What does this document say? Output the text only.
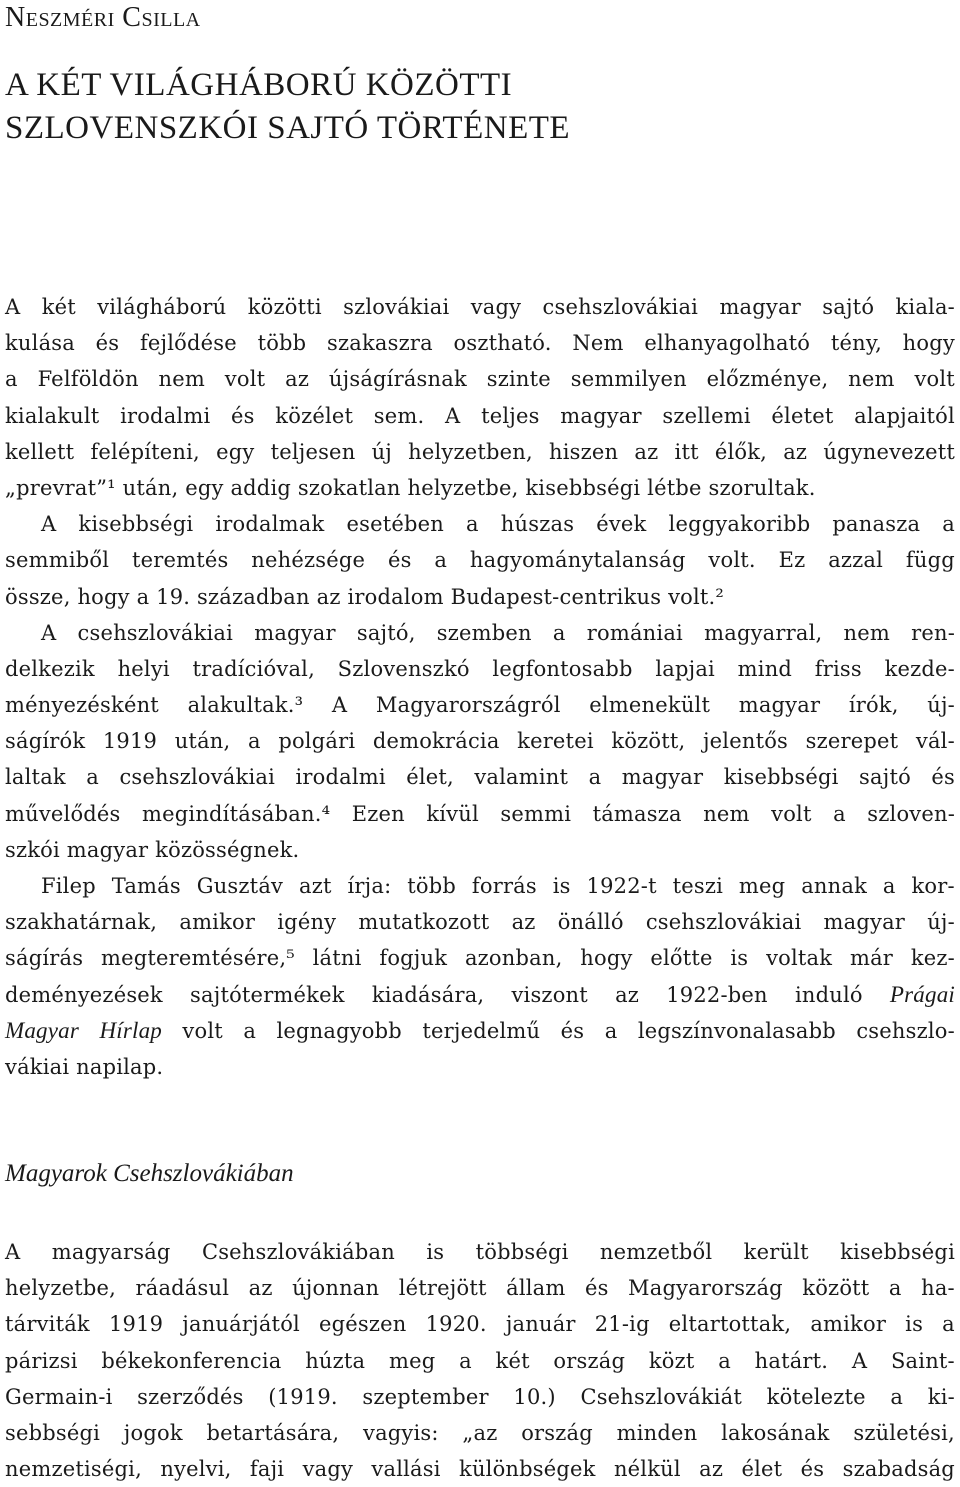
Neszméri Csilla
A KÉT VILÁGHÁBORÚ KÖZÖTTI
SZLOVENSZKÓI SAJTÓ TÖRTÉNETE
A két világháború közötti szlovákiai vagy csehszlovákiai magyar sajtó kiala-
kulása és fejlődése több szakaszra osztható. Nem elhanyagolható tény, hogy
a Felföldön nem volt az újságírásnak szinte semmilyen előzménye, nem volt
kialakult irodalmi és közélet sem. A teljes magyar szellemi életet alapjaitól
kellett felépíteni, egy teljesen új helyzetben, hiszen az itt élők, az úgynevezett
„prevrat”¹ után, egy addig szokatlan helyzetbe, kisebbségi létbe szorultak.
A kisebbségi irodalmak esetében a húszas évek leggyakoribb panasza a
semmiből teremtés nehézsége és a hagyománytalanság volt. Ez azzal függ
össze, hogy a 19. században az irodalom Budapest-centrikus volt.²
A csehszlovákiai magyar sajtó, szemben a romániai magyarral, nem ren-
delkezik helyi tradícióval, Szlovenszkó legfontosabb lapjai mind friss kezde-
ményezésként alakultak.³ A Magyarországról elmenekült magyar írók, új-
ságírók 1919 után, a polgári demokrácia keretei között, jelentős szerepet vál-
laltak a csehszlovákiai irodalmi élet, valamint a magyar kisebbségi sajtó és
művelődés megindításában.⁴ Ezen kívül semmi támasza nem volt a szloven-
szkói magyar közösségnek.
Filep Tamás Gusztáv azt írja: több forrás is 1922-t teszi meg annak a kor-
szakhatárnak, amikor igény mutatkozott az önálló csehszlovákiai magyar új-
ságírás megteremtésére,⁵ látni fogjuk azonban, hogy előtte is voltak már kez-
deményezések sajtótermékek kiadására, viszont az 1922-ben induló Prágai
Magyar Hírlap volt a legnagyobb terjedelmű és a legszínvonalasabb csehszlo-
vákiai napilap.
Magyarok Csehszlovákiában
A magyarság Csehszlovákiában is többségi nemzetből került kisebbségi
helyzetbe, ráadásul az újonnan létrejött állam és Magyarország között a ha-
tárviták 1919 januárjától egészen 1920. január 21-ig eltartottak, amikor is a
párizsi békekonferencia húzta meg a két ország közt a határt. A Saint-
Germain-i szerződés (1919. szeptember 10.) Csehszlovákiát kötelezte a ki-
sebbségi jogok betartására, vagyis: „az ország minden lakosának születési,
nemzetiségi, nyelvi, faji vagy vallási különbségek nélkül az élet és szabadság
